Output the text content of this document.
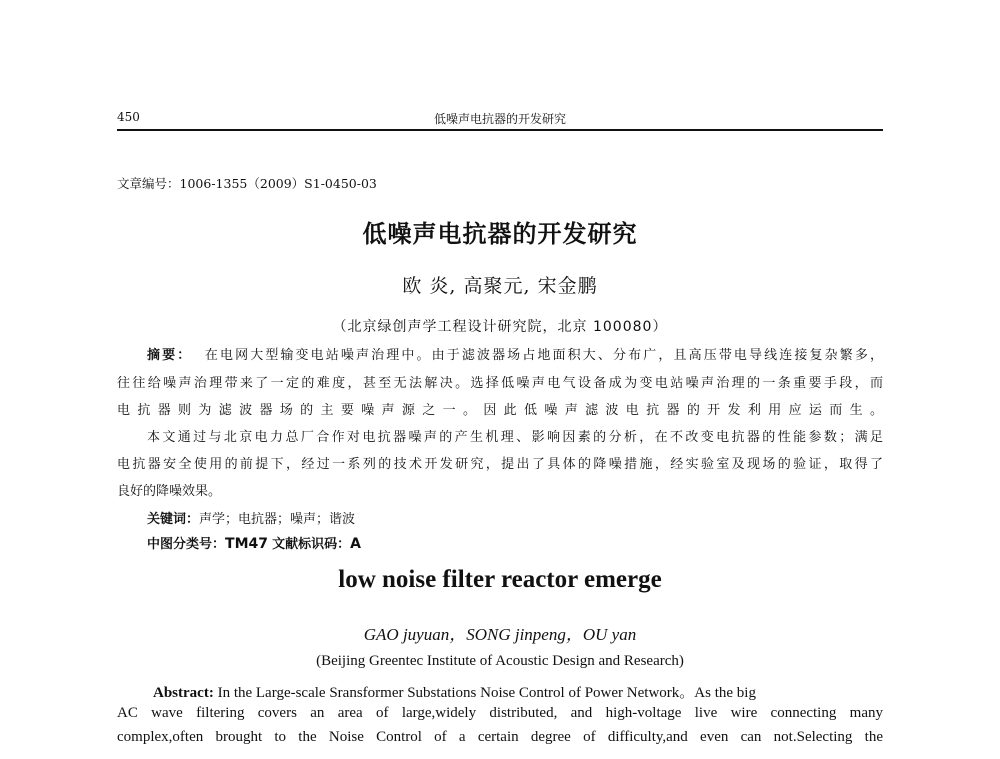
450	低噪声电抗器的开发研究
文章编号：1006-1355（2009）S1-0450-03
低噪声电抗器的开发研究
欧 炎, 高聚元, 宋金鹏
（北京绿创声学工程设计研究院，北京 100080）
摘要： 在电网大型输变电站噪声治理中。由于滤波器场占地面积大、分布广，且高压带电导线连接复杂繁多，
往往给噪声治理带来了一定的难度，甚至无法解决。选择低噪声电气设备成为变电站噪声治理的一条重要手段，而
电抗器则为滤波器场的主要噪声源之一。因此低噪声滤波电抗器的开发利用应运而生。
本文通过与北京电力总厂合作对电抗器噪声的产生机理、影响因素的分析，在不改变电抗器的性能参数；满足
电抗器安全使用的前提下，经过一系列的技术开发研究，提出了具体的降噪措施，经实验室及现场的验证，取得了
良好的降噪效果。
关键词：声学；电抗器；噪声；谐波
中图分类号：TM47 文献标识码：A
low noise filter reactor emerge
GAO juyuan，SONG jinpeng，OU yan
(Beijing Greentec Institute of Acoustic Design and Research)
Abstract: In the Large-scale Sransformer Substations Noise Control of Power Network。As the big
AC wave filtering covers an area of large,widely distributed, and high-voltage live wire connecting many
complex,often brought to the Noise Control of a certain degree of difficulty,and even can not.Selecting the
